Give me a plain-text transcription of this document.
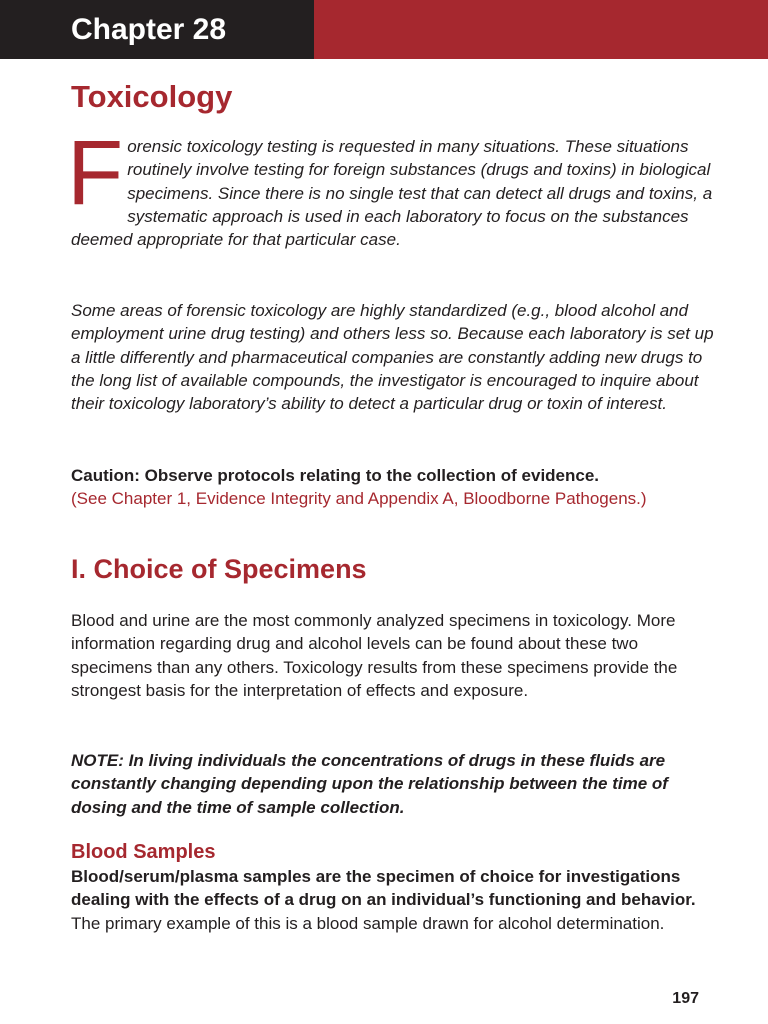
Chapter 28
Toxicology

Forensic toxicology testing is requested in many situations. These situations routinely involve testing for foreign substances (drugs and toxins) in biological specimens. Since there is no single test that can detect all drugs and toxins, a systematic approach is used in each laboratory to focus on the substances deemed appropriate for that particular case.

Some areas of forensic toxicology are highly standardized (e.g., blood alcohol and employment urine drug testing) and others less so. Because each laboratory is set up a little differently and pharmaceutical companies are constantly adding new drugs to the long list of available compounds, the investigator is encouraged to inquire about their toxicology laboratory’s ability to detect a particular drug or toxin of interest.

Caution: Observe protocols relating to the collection of evidence.
(See Chapter 1, Evidence Integrity and Appendix A, Bloodborne Pathogens.)

I. Choice of Specimens

Blood and urine are the most commonly analyzed specimens in toxicology. More information regarding drug and alcohol levels can be found about these two specimens than any others. Toxicology results from these specimens provide the strongest basis for the interpretation of effects and exposure.

NOTE: In living individuals the concentrations of drugs in these fluids are constantly changing depending upon the relationship between the time of dosing and the time of sample collection.

Blood Samples

Blood/serum/plasma samples are the specimen of choice for investigations dealing with the effects of a drug on an individual’s functioning and behavior. The primary example of this is a blood sample drawn for alcohol determination.

197
